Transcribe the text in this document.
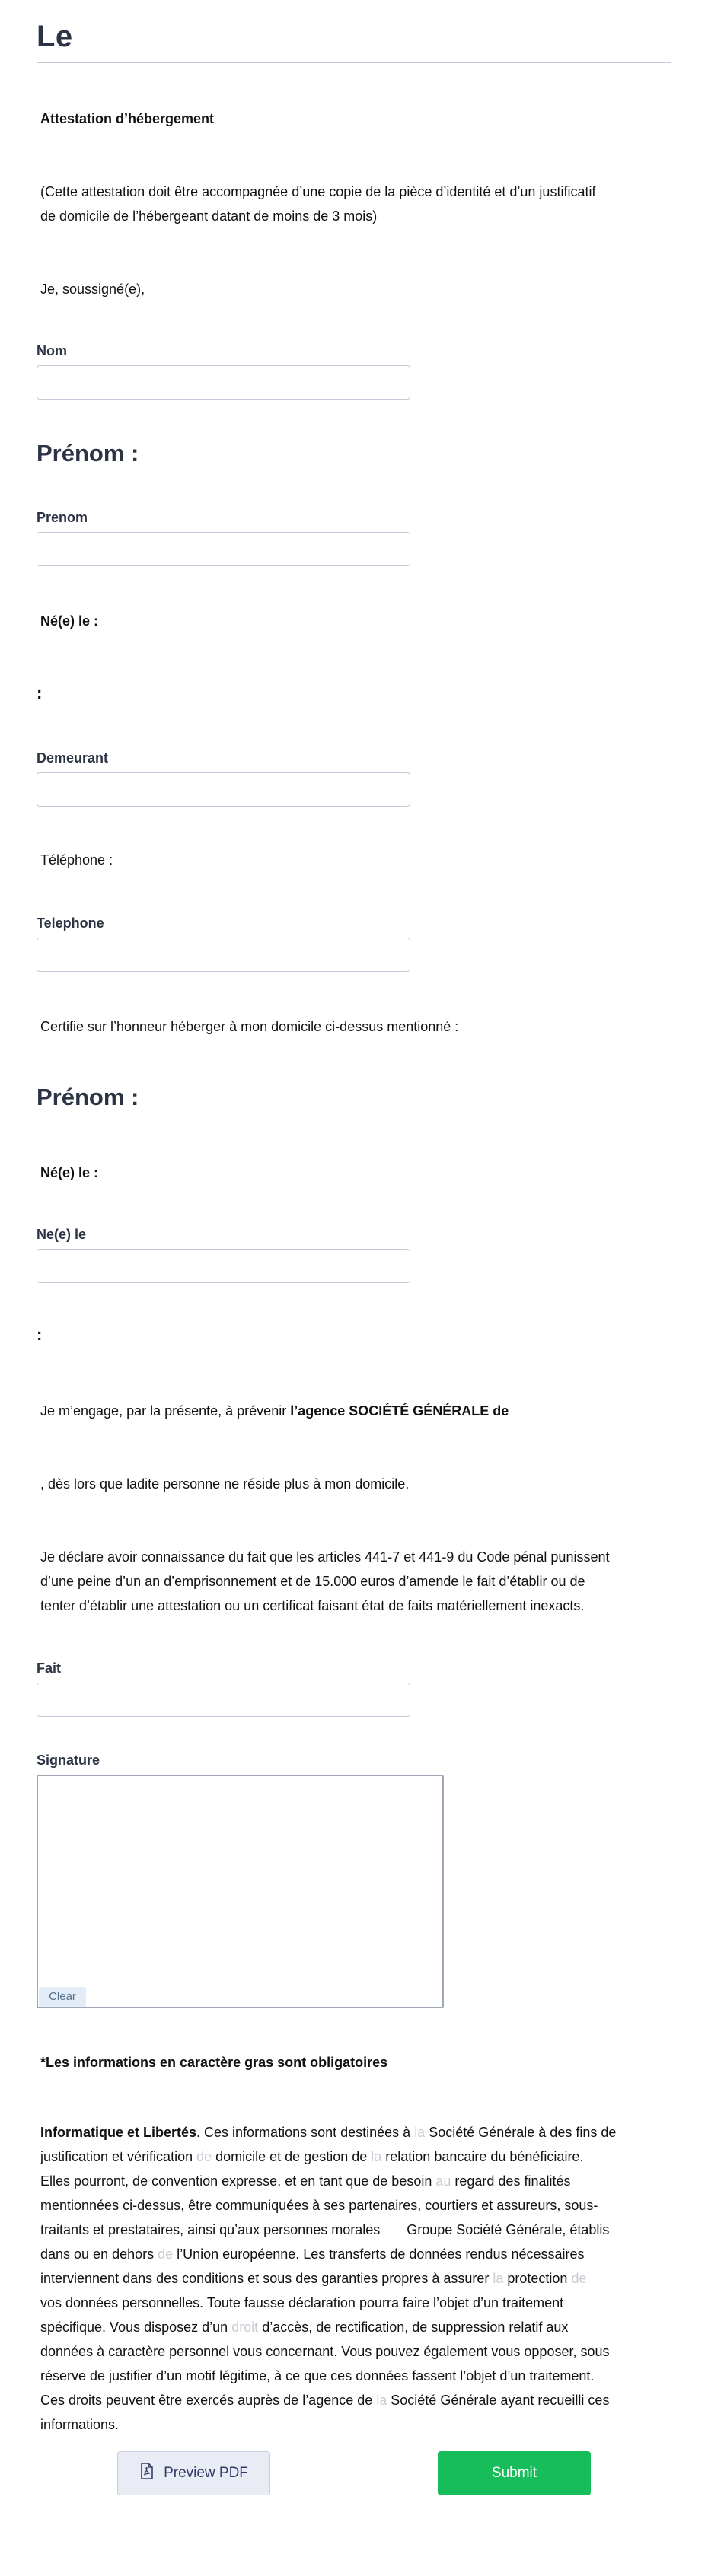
Le
Attestation d’hébergement
(Cette attestation doit être accompagnée d’une copie de la pièce d’identité et d’un justificatif
de domicile de l’hébergeant datant de moins de 3 mois)
Je, soussigné(e),
Nom
Prénom :
Prenom
Né(e) le :
:
Demeurant
Téléphone :
Telephone
Certifie sur l’honneur héberger à mon domicile ci-dessus mentionné :
Prénom :
Né(e) le :
Ne(e) le
:
Je m’engage, par la présente, à prévenir l’agence SOCIÉTÉ GÉNÉRALE de
, dès lors que ladite personne ne réside plus à mon domicile.
Je déclare avoir connaissance du fait que les articles 441-7 et 441-9 du Code pénal punissent
d’une peine d’un an d’emprisonnement et de 15.000 euros d’amende le fait d’établir ou de
tenter d’établir une attestation ou un certificat faisant état de faits matériellement inexacts.
Fait
Signature
Clear
*Les informations en caractère gras sont obligatoires
Informatique et Libertés. Ces informations sont destinées à la Société Générale à des fins de
justification et vérification de domicile et de gestion de la relation bancaire du bénéficiaire.
Elles pourront, de convention expresse, et en tant que de besoin au regard des finalités
mentionnées ci-dessus, être communiquées à ses partenaires, courtiers et assureurs, sous-
traitants et prestataires, ainsi qu’aux personnes morales       Groupe Société Générale, établis
dans ou en dehors de l’Union européenne. Les transferts de données rendus nécessaires
interviennent dans des conditions et sous des garanties propres à assurer la protection de
vos données personnelles. Toute fausse déclaration pourra faire l’objet d’un traitement
spécifique. Vous disposez d’un droit d’accès, de rectification, de suppression relatif aux
données à caractère personnel vous concernant. Vous pouvez également vous opposer, sous
réserve de justifier d’un motif légitime, à ce que ces données fassent l’objet d’un traitement.
Ces droits peuvent être exercés auprès de l’agence de la Société Générale ayant recueilli ces
informations.
Preview PDF	Submit
